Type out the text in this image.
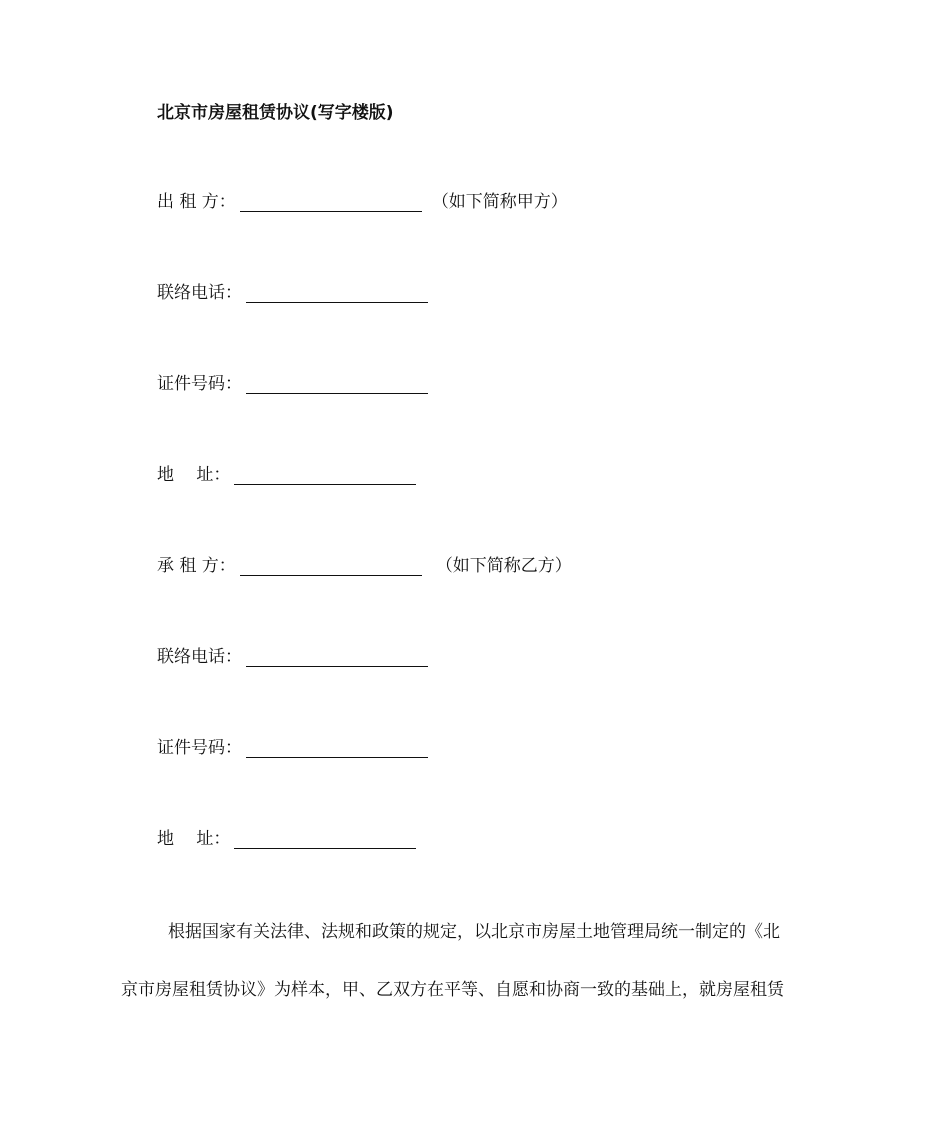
北京市房屋租赁协议(写字楼版)
出 租 方：	（如下简称甲方）
联络电话：
证件号码：
地　 址：
承 租 方：	（如下简称乙方）
联络电话：
证件号码：
地　 址：
根据国家有关法律、法规和政策的规定，以北京市房屋土地管理局统一制定的《北
京市房屋租赁协议》为样本，甲、乙双方在平等、自愿和协商一致的基础上，就房屋租赁
